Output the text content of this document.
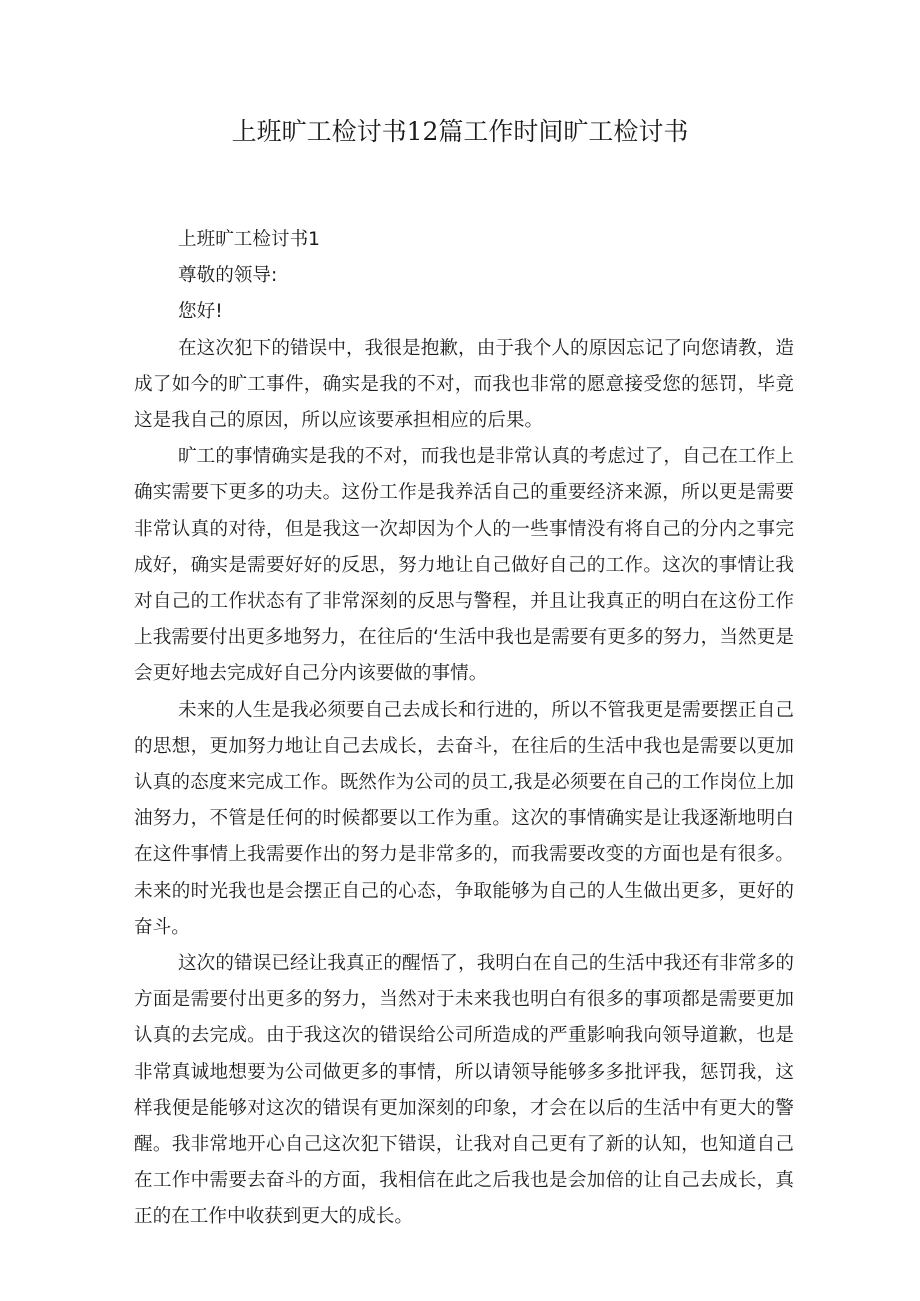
上班旷工检讨书12篇工作时间旷工检讨书

上班旷工检讨书1

尊敬的领导:

您好!

在这次犯下的错误中，我很是抱歉，由于我个人的原因忘记了向您请教，造成了如今的旷工事件，确实是我的不对，而我也非常的愿意接受您的惩罚，毕竟这是我自己的原因，所以应该要承担相应的后果。

旷工的事情确实是我的不对，而我也是非常认真的考虑过了，自己在工作上确实需要下更多的功夫。这份工作是我养活自己的重要经济来源，所以更是需要非常认真的对待，但是我这一次却因为个人的一些事情没有将自己的分内之事完成好，确实是需要好好的反思，努力地让自己做好自己的工作。这次的事情让我对自己的工作状态有了非常深刻的反思与警程，并且让我真正的明白在这份工作上我需要付出更多地努力，在往后的‘生活中我也是需要有更多的努力，当然更是会更好地去完成好自己分内该要做的事情。

未来的人生是我必须要自己去成长和行进的，所以不管我更是需要摆正自己的思想，更加努力地让自己去成长，去奋斗，在往后的生活中我也是需要以更加认真的态度来完成工作。既然作为公司的员工,我是必须要在自己的工作岗位上加油努力，不管是任何的时候都要以工作为重。这次的事情确实是让我逐渐地明白在这件事情上我需要作出的努力是非常多的，而我需要改变的方面也是有很多。未来的时光我也是会摆正自己的心态，争取能够为自己的人生做出更多，更好的奋斗。

这次的错误已经让我真正的醒悟了，我明白在自己的生活中我还有非常多的方面是需要付出更多的努力，当然对于未来我也明白有很多的事项都是需要更加认真的去完成。由于我这次的错误给公司所造成的严重影响我向领导道歉，也是非常真诚地想要为公司做更多的事情，所以请领导能够多多批评我，惩罚我，这样我便是能够对这次的错误有更加深刻的印象，才会在以后的生活中有更大的警醒。我非常地开心自己这次犯下错误，让我对自己更有了新的认知，也知道自己在工作中需要去奋斗的方面，我相信在此之后我也是会加倍的让自己去成长，真正的在工作中收获到更大的成长。
